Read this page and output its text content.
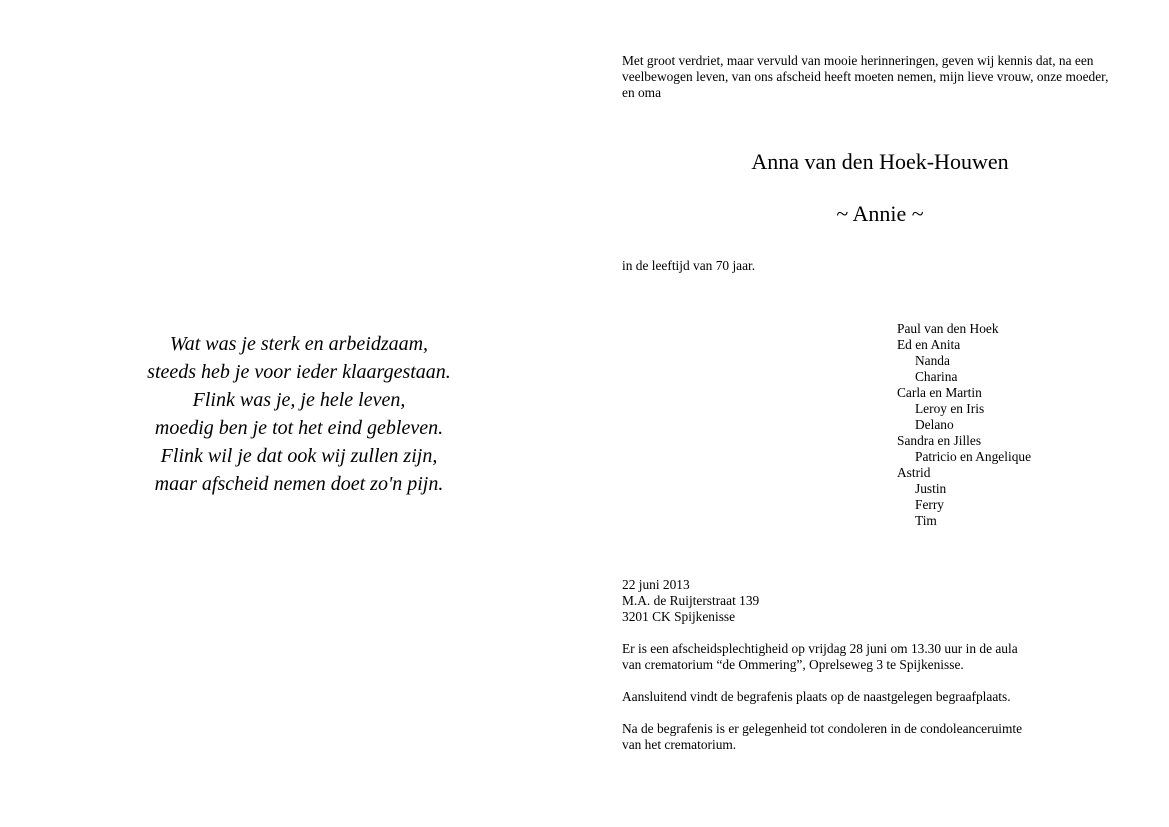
Wat was je sterk en arbeidzaam,
steeds heb je voor ieder klaargestaan.
Flink was je, je hele leven,
moedig ben je tot het eind gebleven.
Flink wil je dat ook wij zullen zijn,
maar afscheid nemen doet zo'n pijn.
Met groot verdriet, maar vervuld van mooie herinneringen, geven wij kennis dat, na een
veelbewogen leven, van ons afscheid heeft moeten nemen, mijn lieve vrouw, onze moeder,
en oma
Anna van den Hoek-Houwen
~ Annie ~
in de leeftijd van 70 jaar.
Paul van den Hoek
Ed en Anita
Nanda
Charina
Carla en Martin
Leroy en Iris
Delano
Sandra en Jilles
Patricio en Angelique
Astrid
Justin
Ferry
Tim
22 juni 2013
M.A. de Ruijterstraat 139
3201 CK Spijkenisse
Er is een afscheidsplechtigheid op vrijdag 28 juni om 13.30 uur in de aula
van crematorium “de Ommering”, Oprelseweg 3 te Spijkenisse.
Aansluitend vindt de begrafenis plaats op de naastgelegen begraafplaats.
Na de begrafenis is er gelegenheid tot condoleren in de condoleanceruimte
van het crematorium.
